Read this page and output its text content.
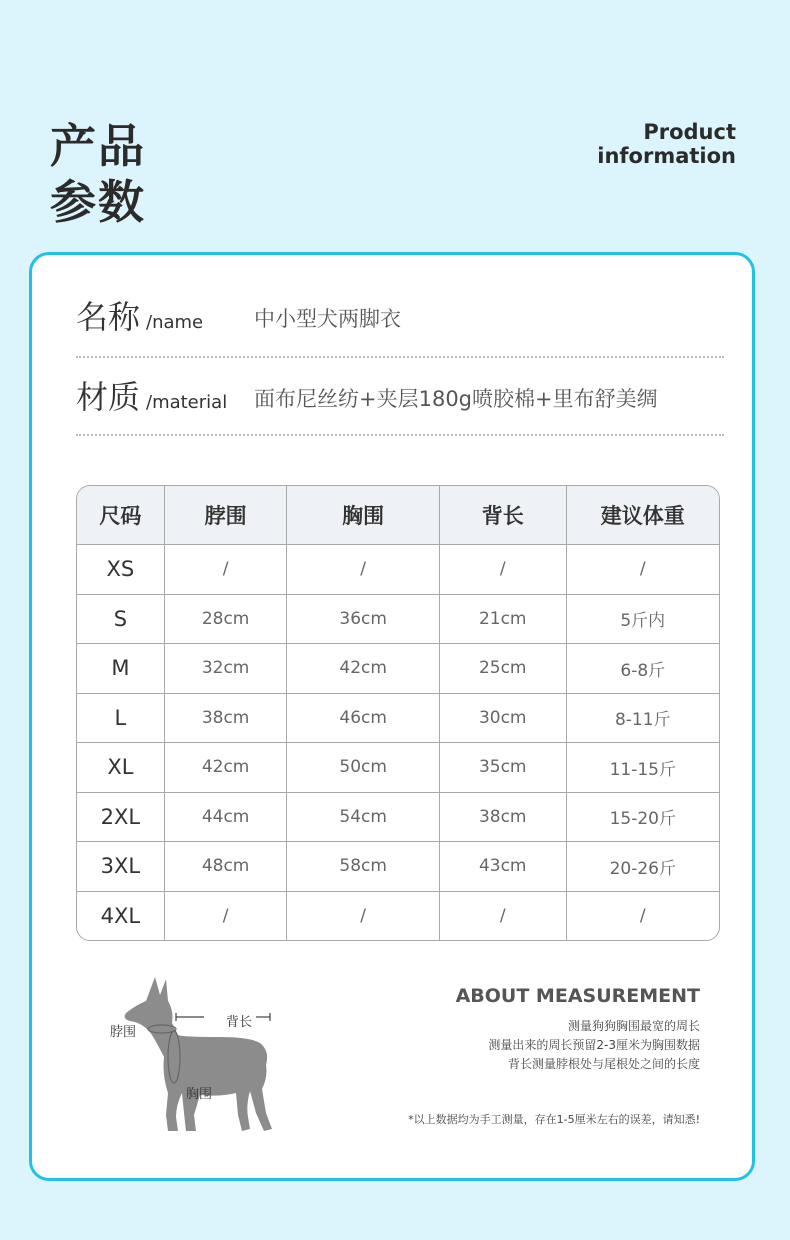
产品
参数
Product
information
名称 /name 中小型犬两脚衣
材质 /material 面布尼丝纺+夹层180g喷胶棉+里布舒美绸
尺码	脖围	胸围	背长	建议体重
XS	/	/	/	/
S	28cm	36cm	21cm	5斤内
M	32cm	42cm	25cm	6-8斤
L	38cm	46cm	30cm	8-11斤
XL	42cm	50cm	35cm	11-15斤
2XL	44cm	54cm	38cm	15-20斤
3XL	48cm	58cm	43cm	20-26斤
4XL	/	/	/	/
脖围
背长
胸围
ABOUT MEASUREMENT
测量狗狗胸围最宽的周长
测量出来的周长预留2-3厘米为胸围数据
背长测量脖根处与尾根处之间的长度
*以上数据均为手工测量，存在1-5厘米左右的误差，请知悉!
